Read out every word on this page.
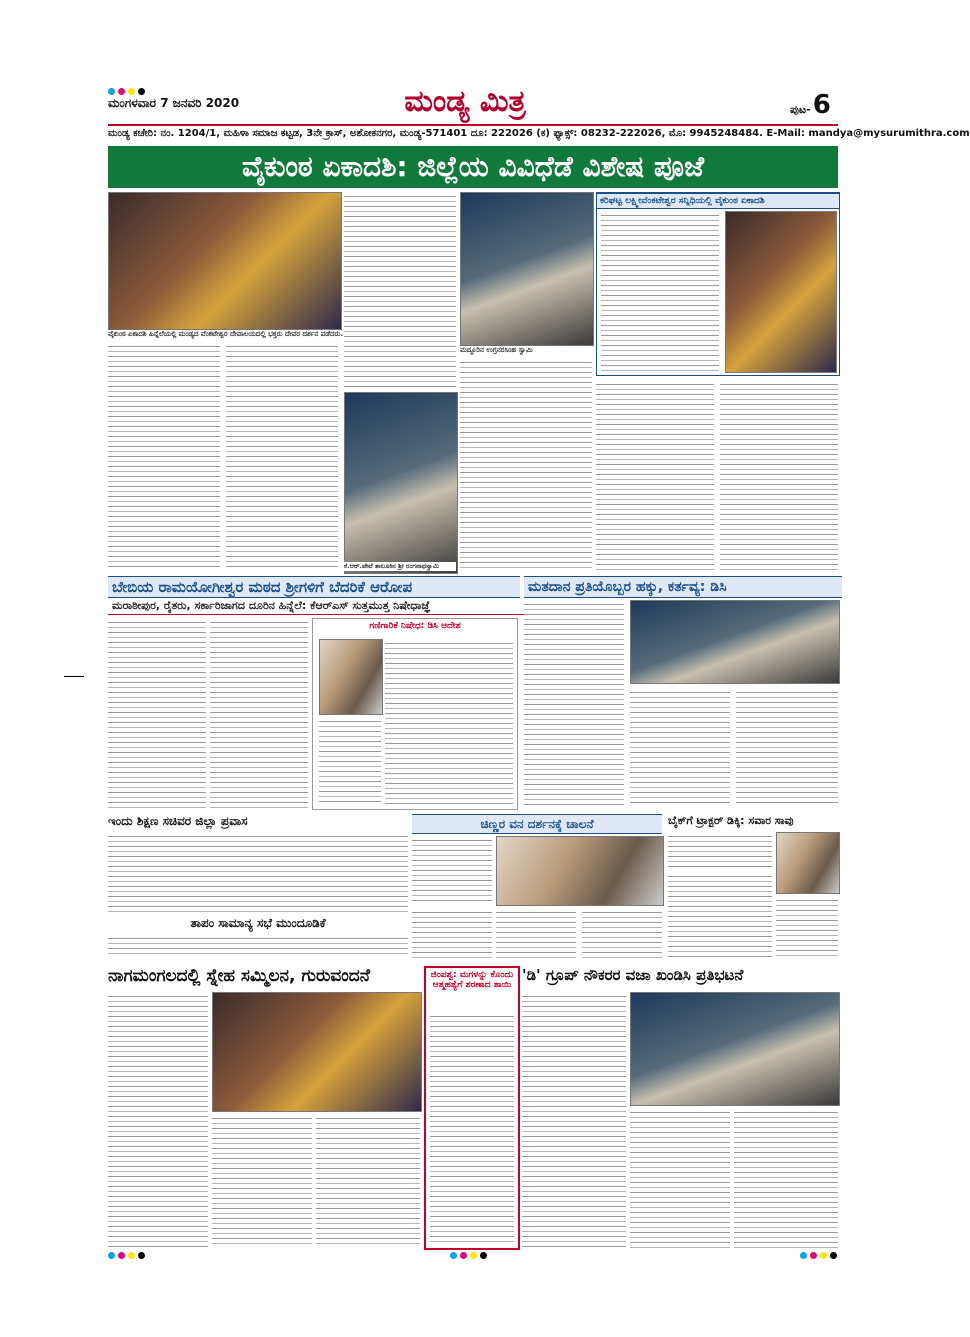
ಮಂಗಳವಾರ 7 ಜನವರಿ 2020	ಮಂಡ್ಯ ಮಿತ್ರ	ಪುಟ-6
ಮಂಡ್ಯ ಕಚೇರಿ: ನಂ. 1204/1, ಮಹಿಳಾ ಸಮಾಜ ಕಟ್ಟಡ, 3ನೇ ಕ್ರಾಸ್, ಅಶೋಕನಗರ, ಮಂಡ್ಯ-571401 ದೂ: 222026 (ಕ) ಫ್ಯಾಕ್ಸ್: 08232-222026, ಮೊ: 9945248484. E-Mail: mandya@mysurumithra.com
ವೈಕುಂಠ ಏಕಾದಶಿ: ಜಿಲ್ಲೆಯ ವಿವಿಧೆಡೆ ವಿಶೇಷ ಪೂಜೆ
ವೈಕುಂಠ ಏಕಾದಶಿ ಹಿನ್ನೆಲೆಯಲ್ಲಿ ಮಂಡ್ಯದ ವೆಂಕಟೇಶ್ವರ ದೇವಾಲಯದಲ್ಲಿ ಭಕ್ತರು ದೇವರ ದರ್ಶನ ಪಡೆದರು.
ಕೆ.ಆರ್.ಪೇಟೆ ತಾಲೂಕಿನ ಶ್ರೀ ರಂಗನಾಥಸ್ವಾಮಿ
ಮದ್ದೂರಿನ ಉಗ್ರನರಸಿಂಹ ಸ್ವಾಮಿ
ಕರಿಘಟ್ಟ ಲಕ್ಷ್ಮೀವೆಂಕಟೇಶ್ವರ ಸನ್ನಿಧಿಯಲ್ಲಿ ವೈಕುಂಠ ಏಕಾದಶಿ
ಬೇಬಿಯ ರಾಮಯೋಗೀಶ್ವರ ಮಠದ ಶ್ರೀಗಳಿಗೆ ಬೆದರಿಕೆ ಆರೋಪ
ಮರಾಠೀಪುರ, ರೈತರು, ಸರ್ಕಾರಿಜಾಗದ ದೂರಿನ ಹಿನ್ನೆಲೆ: ಕೆಆರ್‌ಎಸ್ ಸುತ್ತಮುತ್ತ ನಿಷೇಧಾಜ್ಞೆ
ಗಣಿಗಾರಿಕೆ ನಿಷೇಧ: ಡಿಸಿ ಆದೇಶ
ಮತದಾನ ಪ್ರತಿಯೊಬ್ಬರ ಹಕ್ಕು, ಕರ್ತವ್ಯ: ಡಿಸಿ
ಇಂದು ಶಿಕ್ಷಣ ಸಚಿವರ ಜಿಲ್ಲಾ ಪ್ರವಾಸ
ತಾಪಂ ಸಾಮಾನ್ಯ ಸಭೆ ಮುಂದೂಡಿಕೆ
ಚಿಣ್ಣರ ವನ ದರ್ಶನಕ್ಕೆ ಚಾಲನೆ	ಬೈಕ್‌ಗೆ ಟ್ರಾಕ್ಟರ್ ಡಿಕ್ಕಿ: ಸವಾರ ಸಾವು
ನಾಗಮಂಗಲದಲ್ಲಿ ಸ್ನೇಹ ಸಮ್ಮಿಲನ, ಗುರುವಂದನೆ	ಜಿಂಪಶ್ವ: ಮಗಳನ್ನು ಕೊಂದು ಆತ್ಮಹತ್ಯೆಗೆ ಶರಣಾದ ತಾಯಿ
'ಡಿ' ಗ್ರೂಪ್ ನೌಕರರ ವಜಾ ಖಂಡಿಸಿ ಪ್ರತಿಭಟನೆ
